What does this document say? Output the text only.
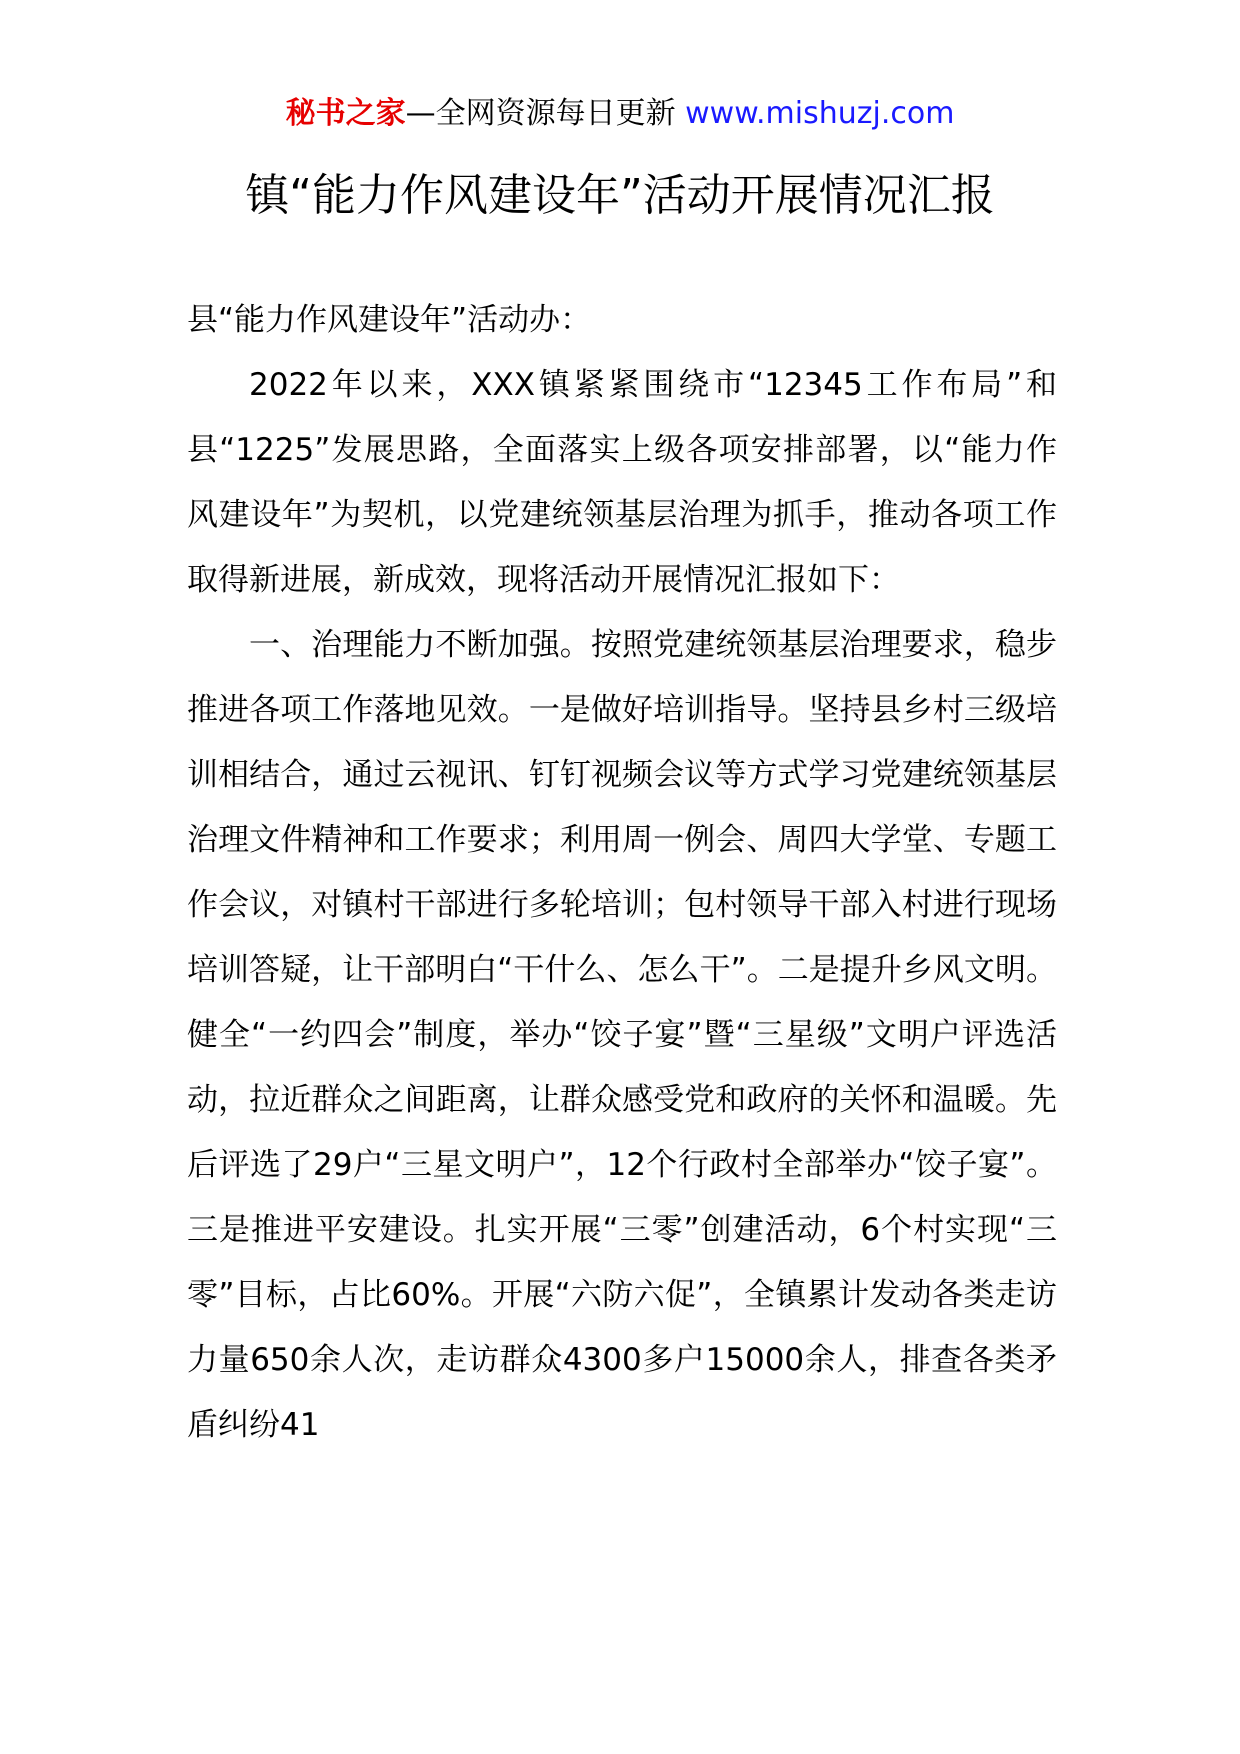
秘书之家—全网资源每日更新 www.mishuzj.com
镇“能力作风建设年”活动开展情况汇报

县“能力作风建设年”活动办：

2022年以来，XXX镇紧紧围绕市“12345工作布局”和县“1225”发展思路，全面落实上级各项安排部署，以“能力作风建设年”为契机，以党建统领基层治理为抓手，推动各项工作取得新进展，新成效，现将活动开展情况汇报如下：

一、治理能力不断加强。按照党建统领基层治理要求，稳步推进各项工作落地见效。一是做好培训指导。坚持县乡村三级培训相结合，通过云视讯、钉钉视频会议等方式学习党建统领基层治理文件精神和工作要求；利用周一例会、周四大学堂、专题工作会议，对镇村干部进行多轮培训；包村领导干部入村进行现场培训答疑，让干部明白“干什么、怎么干”。二是提升乡风文明。健全“一约四会”制度，举办“饺子宴”暨“三星级”文明户评选活动，拉近群众之间距离，让群众感受党和政府的关怀和温暖。先后评选了29户“三星文明户”，12个行政村全部举办“饺子宴”。三是推进平安建设。扎实开展“三零”创建活动，6个村实现“三零”目标，占比60%。开展“六防六促”，全镇累计发动各类走访力量650余人次，走访群众4300多户15000余人，排查各类矛盾纠纷41
